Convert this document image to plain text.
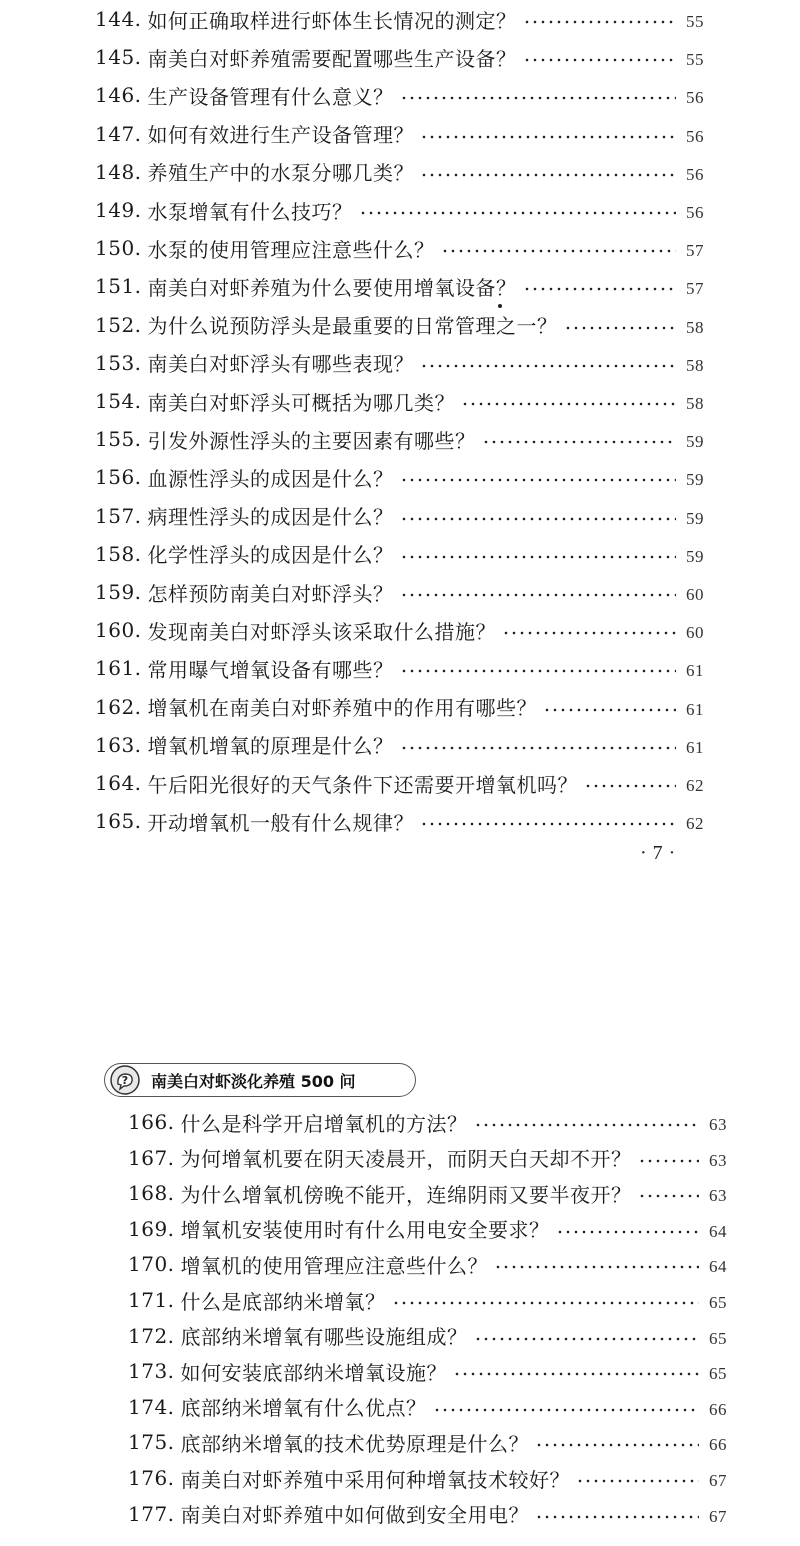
144. 如何正确取样进行虾体生长情况的测定？	55
145. 南美白对虾养殖需要配置哪些生产设备？	55
146. 生产设备管理有什么意义？	56
147. 如何有效进行生产设备管理？	56
148. 养殖生产中的水泵分哪几类？	56
149. 水泵增氧有什么技巧？	56
150. 水泵的使用管理应注意些什么？	57
151. 南美白对虾养殖为什么要使用增氧设备？	57
152. 为什么说预防浮头是最重要的日常管理之一？	58
153. 南美白对虾浮头有哪些表现？	58
154. 南美白对虾浮头可概括为哪几类？	58
155. 引发外源性浮头的主要因素有哪些？	59
156. 血源性浮头的成因是什么？	59
157. 病理性浮头的成因是什么？	59
158. 化学性浮头的成因是什么？	59
159. 怎样预防南美白对虾浮头？	60
160. 发现南美白对虾浮头该采取什么措施？	60
161. 常用曝气增氧设备有哪些？	61
162. 增氧机在南美白对虾养殖中的作用有哪些？	61
163. 增氧机增氧的原理是什么？	61
164. 午后阳光很好的天气条件下还需要开增氧机吗？	62
165. 开动增氧机一般有什么规律？	62
· 7 ·
? 南美白对虾淡化养殖 500 问
166. 什么是科学开启增氧机的方法？	63
167. 为何增氧机要在阴天凌晨开，而阴天白天却不开？	63
168. 为什么增氧机傍晚不能开，连绵阴雨又要半夜开？	63
169. 增氧机安装使用时有什么用电安全要求？	64
170. 增氧机的使用管理应注意些什么？	64
171. 什么是底部纳米增氧？	65
172. 底部纳米增氧有哪些设施组成？	65
173. 如何安装底部纳米增氧设施？	65
174. 底部纳米增氧有什么优点？	66
175. 底部纳米增氧的技术优势原理是什么？	66
176. 南美白对虾养殖中采用何种增氧技术较好？	67
177. 南美白对虾养殖中如何做到安全用电？	67
